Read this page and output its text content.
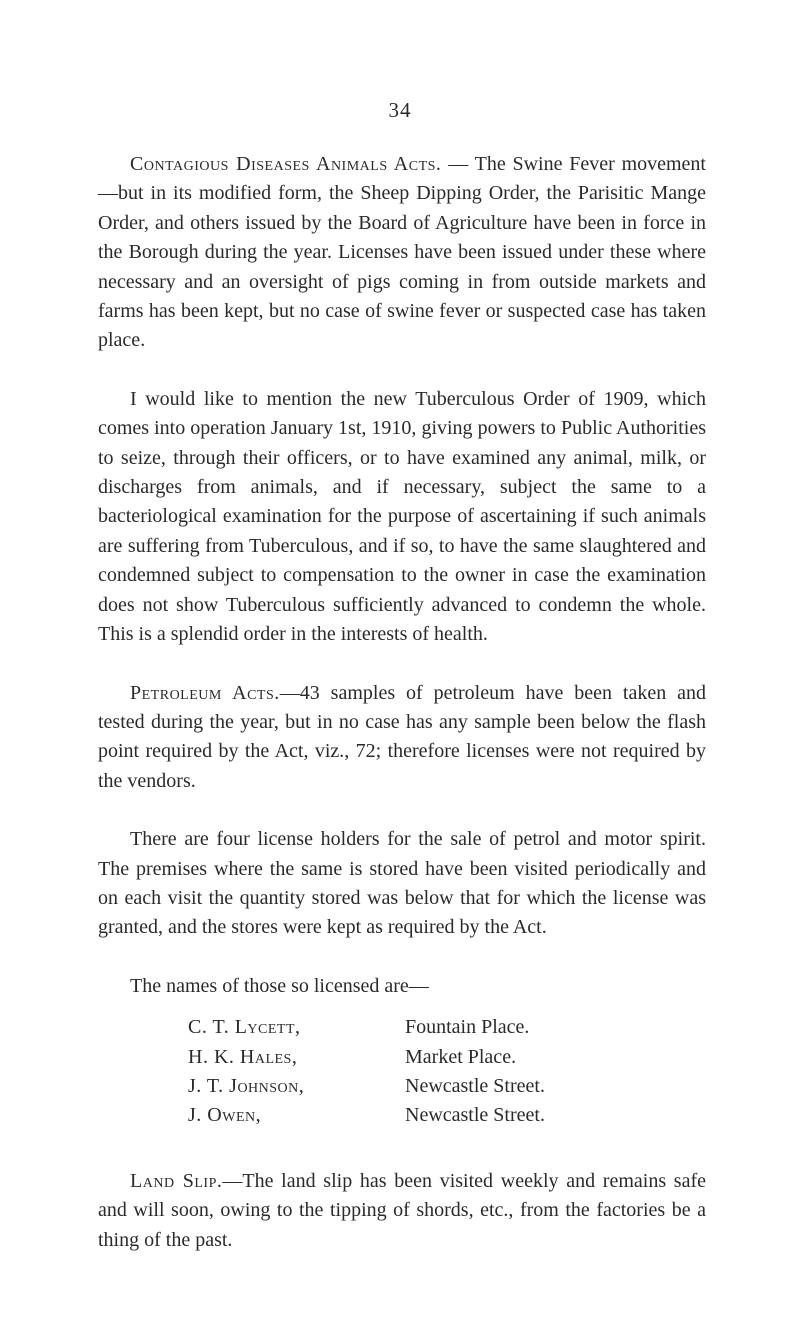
34

Contagious Diseases Animals Acts. — The Swine Fever movement—but in its modified form, the Sheep Dipping Order, the Parisitic Mange Order, and others issued by the Board of Agriculture have been in force in the Borough during the year. Licenses have been issued under these where necessary and an oversight of pigs coming in from outside markets and farms has been kept, but no case of swine fever or suspected case has taken place.

I would like to mention the new Tuberculous Order of 1909, which comes into operation January 1st, 1910, giving powers to Public Authorities to seize, through their officers, or to have examined any animal, milk, or discharges from animals, and if necessary, subject the same to a bacteriological examination for the purpose of ascertaining if such animals are suffering from Tuberculous, and if so, to have the same slaughtered and condemned subject to compensation to the owner in case the examination does not show Tuberculous sufficiently advanced to condemn the whole. This is a splendid order in the interests of health.

Petroleum Acts.—43 samples of petroleum have been taken and tested during the year, but in no case has any sample been below the flash point required by the Act, viz., 72; therefore licenses were not required by the vendors.

There are four license holders for the sale of petrol and motor spirit. The premises where the same is stored have been visited periodically and on each visit the quantity stored was below that for which the license was granted, and the stores were kept as required by the Act.

The names of those so licensed are—

C. T. Lycett,	Fountain Place.
H. K. Hales,	Market Place.
J. T. Johnson,	Newcastle Street.
J. Owen,	Newcastle Street.

Land Slip.—The land slip has been visited weekly and remains safe and will soon, owing to the tipping of shords, etc., from the factories be a thing of the past.
